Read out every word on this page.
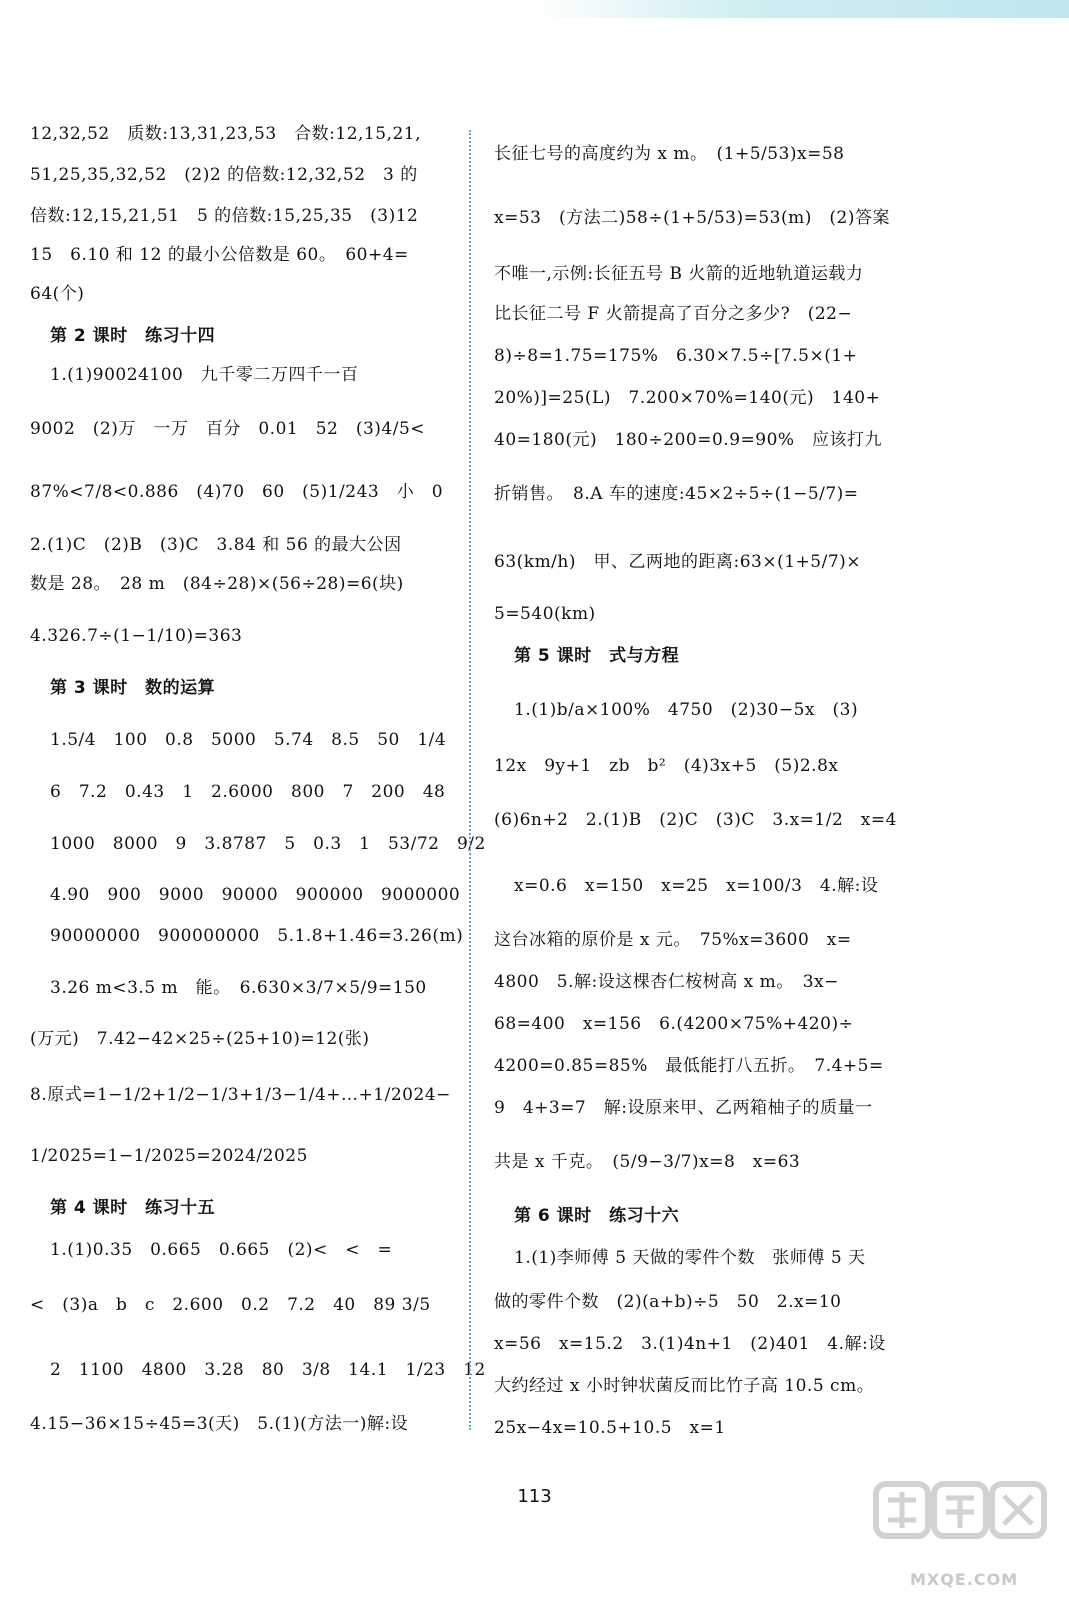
12,32,52　质数:13,31,23,53　合数:12,15,21,
51,25,35,32,52　(2)2 的倍数:12,32,52　3 的
倍数:12,15,21,51　5 的倍数:15,25,35　(3)12
15　6.10 和 12 的最小公倍数是 60。　60+4=
64(个)
第 2 课时　练习十四
1.(1)90024100　九千零二万四千一百
9002　(2)万　一万　百分　0.01　52　(3)4/5<
87%<7/8<0.886　(4)70　60　(5)1/243　小　0
2.(1)C　(2)B　(3)C　3.84 和 56 的最大公因
数是 28。　28 m　(84÷28)×(56÷28)=6(块)
4.326.7÷(1−1/10)=363
第 3 课时　数的运算
1.5/4　100　0.8　5000　5.74　8.5　50　1/4
6　7.2　0.43　1　2.6000　800　7　200　48
1000　8000　9　3.8787　5　0.3　1　53/72　9/2
4.90　900　9000　90000　900000　9000000
90000000　900000000　5.1.8+1.46=3.26(m)
3.26 m<3.5 m　能。　6.630×3/7×5/9=150
(万元)　7.42−42×25÷(25+10)=12(张)
8.原式=1−1/2+1/2−1/3+1/3−1/4+…+1/2024−
1/2025=1−1/2025=2024/2025
第 4 课时　练习十五
1.(1)0.35　0.665　0.665　(2)<　<　=
<　(3)a　b　c　2.600　0.2　7.2　40　89 3/5
2　1100　4800　3.28　80　3/8　14.1　1/23　12
4.15−36×15÷45=3(天)　5.(1)(方法一)解:设
长征七号的高度约为 x m。　(1+5/53)x=58
x=53　(方法二)58÷(1+5/53)=53(m)　(2)答案
不唯一,示例:长征五号 B 火箭的近地轨道运载力
比长征二号 F 火箭提高了百分之多少?　(22−
8)÷8=1.75=175%　6.30×7.5÷[7.5×(1+
20%)]=25(L)　7.200×70%=140(元)　140+
40=180(元)　180÷200=0.9=90%　应该打九
折销售。　8.A 车的速度:45×2÷5÷(1−5/7)=
63(km/h)　甲、乙两地的距离:63×(1+5/7)×
5=540(km)
第 5 课时　式与方程
1.(1)b/a×100%　4750　(2)30−5x　(3)
12x　9y+1　zb　b²　(4)3x+5　(5)2.8x
(6)6n+2　2.(1)B　(2)C　(3)C　3.x=1/2　x=4
x=0.6　x=150　x=25　x=100/3　4.解:设
这台冰箱的原价是 x 元。　75%x=3600　x=
4800　5.解:设这棵杏仁桉树高 x m。　3x−
68=400　x=156　6.(4200×75%+420)÷
4200=0.85=85%　最低能打八五折。　7.4+5=
9　4+3=7　解:设原来甲、乙两箱柚子的质量一
共是 x 千克。　(5/9−3/7)x=8　x=63
第 6 课时　练习十六
1.(1)李师傅 5 天做的零件个数　张师傅 5 天
做的零件个数　(2)(a+b)÷5　50　2.x=10
x=56　x=15.2　3.(1)4n+1　(2)401　4.解:设
大约经过 x 小时钟状菌反而比竹子高 10.5 cm。
25x−4x=10.5+10.5　x=1
113
MXQE.COM
